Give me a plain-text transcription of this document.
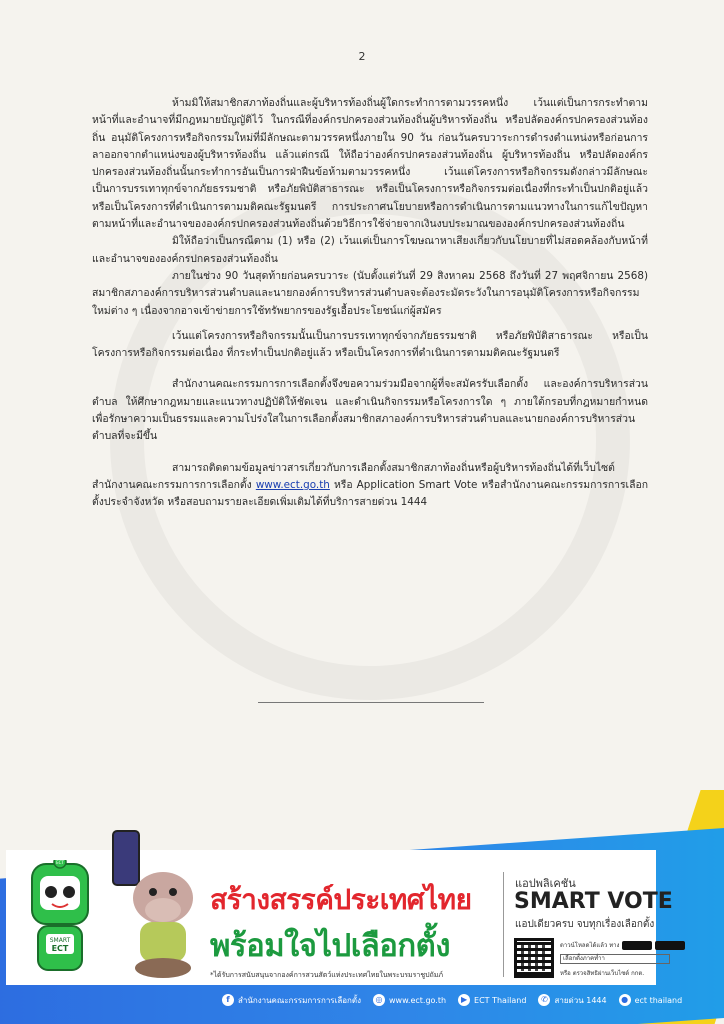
2

ห้ามมิให้สมาชิกสภาท้องถิ่นและผู้บริหารท้องถิ่นผู้ใดกระทำการตามวรรคหนึ่ง เว้นแต่เป็นการกระทำตามหน้าที่และอำนาจที่มีกฎหมายบัญญัติไว้ ในกรณีที่องค์กรปกครองส่วนท้องถิ่นผู้บริหารท้องถิ่น หรือปลัดองค์กรปกครองส่วนท้องถิ่น อนุมัติโครงการหรือกิจกรรมใหม่ที่มีลักษณะตามวรรคหนึ่งภายใน 90 วัน ก่อนวันครบวาระการดำรงตำแหน่งหรือก่อนการลาออกจากตำแหน่งของผู้บริหารท้องถิ่น แล้วแต่กรณี ให้ถือว่าองค์กรปกครองส่วนท้องถิ่น ผู้บริหารท้องถิ่น หรือปลัดองค์กรปกครองส่วนท้องถิ่นนั้นกระทำการอันเป็นการฝ่าฝืนข้อห้ามตามวรรคหนึ่ง เว้นแต่โครงการหรือกิจกรรมดังกล่าวมีลักษณะเป็นการบรรเทาทุกข์จากภัยธรรมชาติ หรือภัยพิบัติสาธารณะ หรือเป็นโครงการหรือกิจกรรมต่อเนื่องที่กระทำเป็นปกติอยู่แล้ว หรือเป็นโครงการที่ดำเนินการตามมติคณะรัฐมนตรี การประกาศนโยบายหรือการดำเนินการตามแนวทางในการแก้ไขปัญหาตามหน้าที่และอำนาจขององค์กรปกครองส่วนท้องถิ่นด้วยวิธีการใช้จ่ายจากเงินงบประมาณขององค์กรปกครองส่วนท้องถิ่น

มิให้ถือว่าเป็นกรณีตาม (1) หรือ (2) เว้นแต่เป็นการโฆษณาหาเสียงเกี่ยวกับนโยบายที่ไม่สอดคล้องกับหน้าที่และอำนาจขององค์กรปกครองส่วนท้องถิ่น

ภายในช่วง 90 วันสุดท้ายก่อนครบวาระ (นับตั้งแต่วันที่ 29 สิงหาคม 2568 ถึงวันที่ 27 พฤศจิกายน 2568) สมาชิกสภาองค์การบริหารส่วนตำบลและนายกองค์การบริหารส่วนตำบลจะต้องระมัดระวังในการอนุมัติโครงการหรือกิจกรรมใหม่ต่าง ๆ เนื่องจากอาจเข้าข่ายการใช้ทรัพยากรของรัฐเอื้อประโยชน์แก่ผู้สมัคร

เว้นแต่โครงการหรือกิจกรรมนั้นเป็นการบรรเทาทุกข์จากภัยธรรมชาติ หรือภัยพิบัติสาธารณะ หรือเป็นโครงการหรือกิจกรรมต่อเนื่อง ที่กระทำเป็นปกติอยู่แล้ว หรือเป็นโครงการที่ดำเนินการตามมติคณะรัฐมนตรี

สำนักงานคณะกรรมการการเลือกตั้งจึงขอความร่วมมือจากผู้ที่จะสมัครรับเลือกตั้ง และองค์การบริหารส่วนตำบล ให้ศึกษากฎหมายและแนวทางปฏิบัติให้ชัดเจน และดำเนินกิจกรรมหรือโครงการใด ๆ ภายใต้กรอบที่กฎหมายกำหนด เพื่อรักษาความเป็นธรรมและความโปร่งใสในการเลือกตั้งสมาชิกสภาองค์การบริหารส่วนตำบลและนายกองค์การบริหารส่วนตำบลที่จะมีขึ้น

สามารถติดตามข้อมูลข่าวสารเกี่ยวกับการเลือกตั้งสมาชิกสภาท้องถิ่นหรือผู้บริหารท้องถิ่นได้ที่เว็บไซต์สำนักงานคณะกรรมการการเลือกตั้ง www.ect.go.th หรือ Application Smart Vote หรือสำนักงานคณะกรรมการการเลือกตั้งประจำจังหวัด หรือสอบถามรายละเอียดเพิ่มเติมได้ที่บริการสายด่วน 1444

SMART
ECT
ECT
สร้างสรรค์ประเทศไทย
พร้อมใจไปเลือกตั้ง
*ได้รับการสนับสนุนจากองค์การสวนสัตว์แห่งประเทศไทยในพระบรมราชูปถัมภ์
แอปพลิเคชัน
SMART VOTE
แอปเดียวครบ จบทุกเรื่องเลือกตั้ง
ดาวน์โหลดได้แล้ว ทาง
เลือกตั้งภาคท่ำา
หรือ ตรวจสิทธิผ่านเว็บไซต์ กกต.
f	สำนักงานคณะกรรมการการเลือกตั้ง	◎ www.ect.go.th	▶ ECT Thailand	✆ สายด่วน 1444	● ect thailand
